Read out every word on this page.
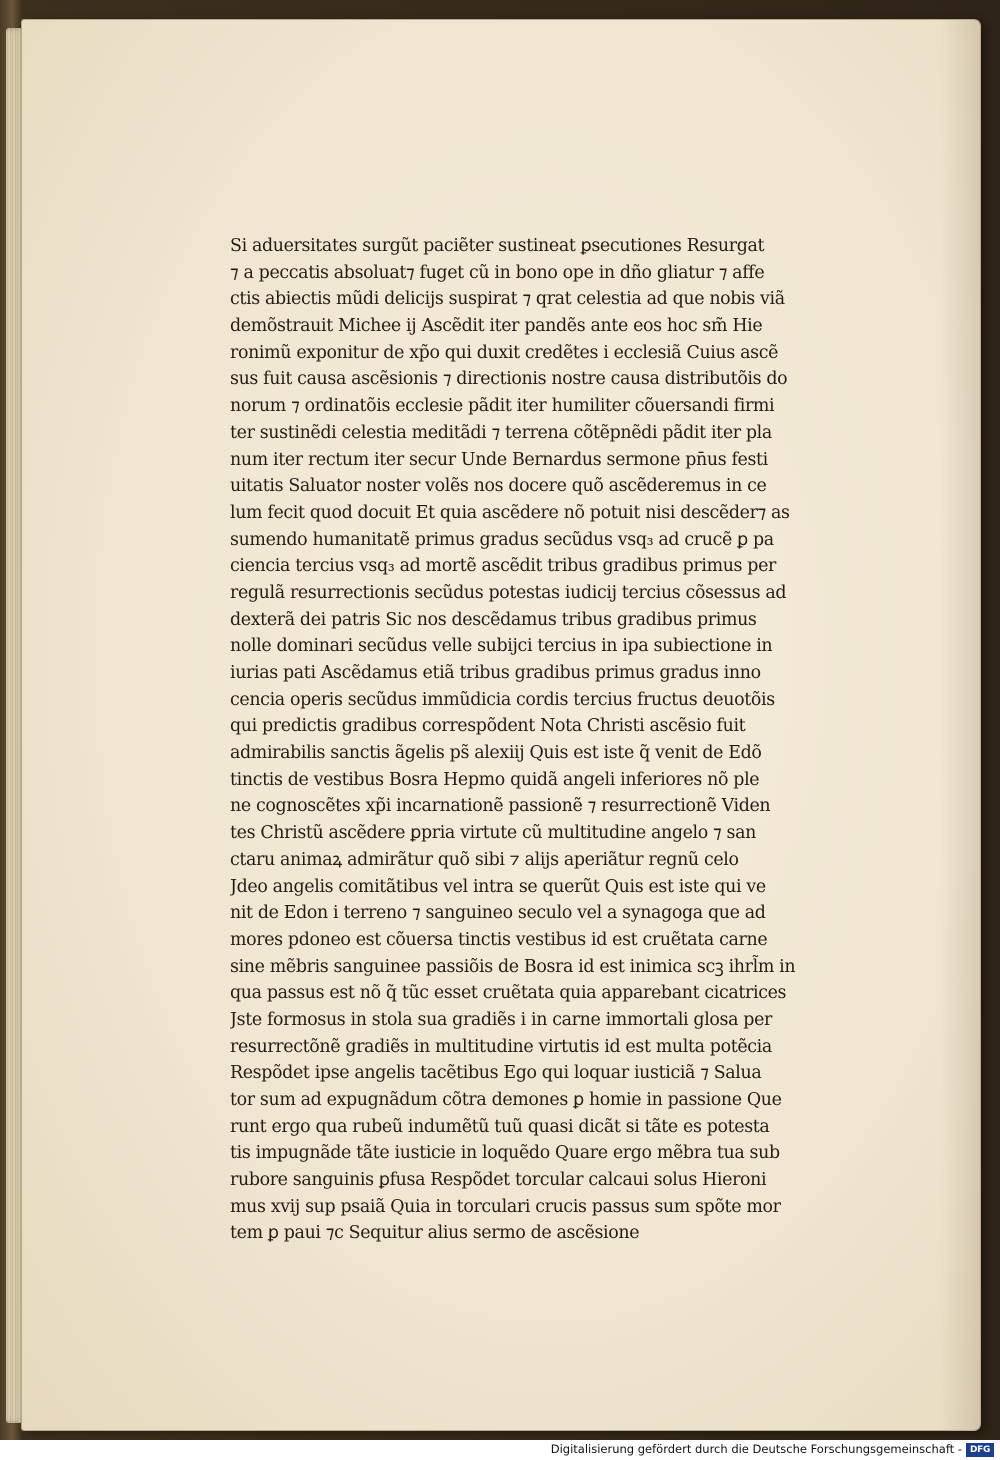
Si aduersitates surgũt paciẽter sustineat ꝑsecutiones Resurgat
⁊ a peccatis absoluat⁊ fuget cũ in bono ope in dño gliatur ⁊ affe
ctis abiectis mũdi delicijs suspirat ⁊ qrat celestia ad que nobis viã
demõstrauit Michee ij Ascẽdit iter pandẽs ante eos hoc sm̃ Hie
ronimũ exponitur de xp̃o qui duxit credẽtes i ecclesiã Cuius ascẽ
sus fuit causa ascẽsionis ⁊ directionis nostre causa distributõis do
norum ⁊ ordinatõis ecclesie pãdit iter humiliter cõuersandi firmi
ter sustinẽdi celestia meditãdi ⁊ terrena cõtẽpnẽdi pãdit iter pla
num iter rectum iter secur Unde Bernardus sermone pn̄us festi
uitatis Saluator noster volẽs nos docere quõ ascẽderemus in ce
lum fecit quod docuit Et quia ascẽdere nõ potuit nisi descẽder⁊ as
sumendo humanitatẽ primus gradus secũdus vsq₃ ad crucẽ ꝑ pa
ciencia tercius vsq₃ ad mortẽ ascẽdit tribus gradibus primus per
regulã resurrectionis secũdus potestas iudicij tercius cõsessus ad
dexterã dei patris Sic nos descẽdamus tribus gradibus primus
nolle dominari secũdus velle subijci tercius in ipa subiectione in
iurias pati Ascẽdamus etiã tribus gradibus primus gradus inno
cencia operis secũdus immũdicia cordis tercius fructus deuotõis
qui predictis gradibus correspõdent Nota Christi ascẽsio fuit
admirabilis sanctis ãgelis ps̃ alexiij Quis est iste q̃ venit de Edõ
tinctis de vestibus Bosra Hepmo quidã angeli inferiores nõ ple
ne cognoscẽtes xp̃i incarnationẽ passionẽ ⁊ resurrectionẽ Viden
tes Christũ ascẽdere ꝑpria virtute cũ multitudine angelo ⁊ san
ctaru animaꝝ admirãtur quõ sibi ⁊ alijs aperiãtur regnũ celo
Jdeo angelis comitãtibus vel intra se querũt Quis est iste qui ve
nit de Edon i terreno ⁊ sanguineo seculo vel a synagoga que ad
mores pdoneo est cõuersa tinctis vestibus id est cruẽtata carne
sine mẽbris sanguinee passiõis de Bosra id est inimica scꝫ ihrl̃m in
qua passus est nõ q̃ tũc esset cruẽtata quia apparebant cicatrices
Jste formosus in stola sua gradiẽs i in carne immortali glosa per
resurrectõnẽ gradiẽs in multitudine virtutis id est multa potẽcia
Respõdet ipse angelis tacẽtibus Ego qui loquar iusticiã ⁊ Salua
tor sum ad expugnãdum cõtra demones ꝑ homie in passione Que
runt ergo qua rubeũ indumẽtũ tuũ quasi dicãt si tãte es potesta
tis impugnãde tãte iusticie in loquẽdo Quare ergo mẽbra tua sub
rubore sanguinis ꝑfusa Respõdet torcular calcaui solus Hieroni
mus xvij sup psaiã Quia in torculari crucis passus sum spõte mor
tem ꝑ paui ⁊c Sequitur alius sermo de ascẽsione
Digitalisierung gefördert durch die Deutsche Forschungsgemeinschaft - DFG
